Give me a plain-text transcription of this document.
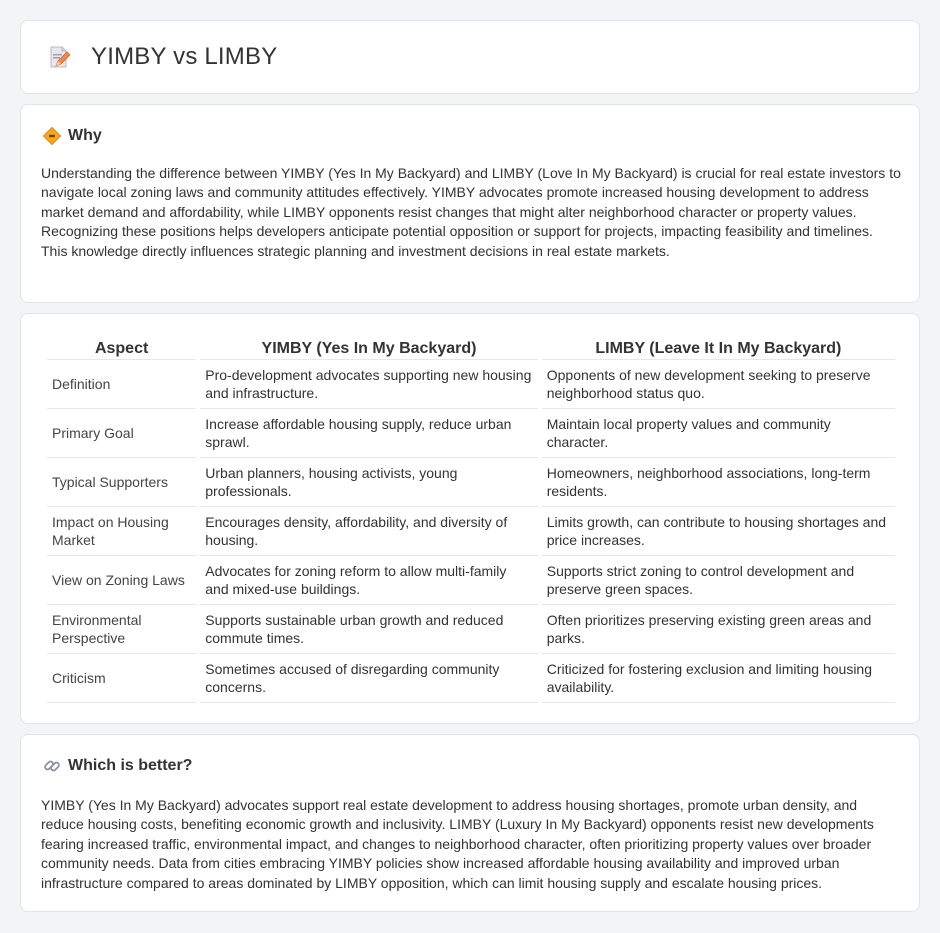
YIMBY vs LIMBY
Why

Understanding the difference between YIMBY (Yes In My Backyard) and LIMBY (Love In My Backyard) is crucial for real estate investors to navigate local zoning laws and community attitudes effectively. YIMBY advocates promote increased housing development to address market demand and affordability, while LIMBY opponents resist changes that might alter neighborhood character or property values. Recognizing these positions helps developers anticipate potential opposition or support for projects, impacting feasibility and timelines. This knowledge directly influences strategic planning and investment decisions in real estate markets.

Aspect	YIMBY (Yes In My Backyard)	LIMBY (Leave It In My Backyard)
Definition	Pro-development advocates supporting new housing and infrastructure.	Opponents of new development seeking to preserve neighborhood status quo.
Primary Goal	Increase affordable housing supply, reduce urban sprawl.	Maintain local property values and community character.
Typical Supporters	Urban planners, housing activists, young professionals.	Homeowners, neighborhood associations, long-term residents.
Impact on Housing Market	Encourages density, affordability, and diversity of housing.	Limits growth, can contribute to housing shortages and price increases.
View on Zoning Laws	Advocates for zoning reform to allow multi-family and mixed-use buildings.	Supports strict zoning to control development and preserve green spaces.
Environmental Perspective	Supports sustainable urban growth and reduced commute times.	Often prioritizes preserving existing green areas and parks.
Criticism	Sometimes accused of disregarding community concerns.	Criticized for fostering exclusion and limiting housing availability.
Which is better?

YIMBY (Yes In My Backyard) advocates support real estate development to address housing shortages, promote urban density, and reduce housing costs, benefiting economic growth and inclusivity. LIMBY (Luxury In My Backyard) opponents resist new developments fearing increased traffic, environmental impact, and changes to neighborhood character, often prioritizing property values over broader community needs. Data from cities embracing YIMBY policies show increased affordable housing availability and improved urban infrastructure compared to areas dominated by LIMBY opposition, which can limit housing supply and escalate housing prices.
